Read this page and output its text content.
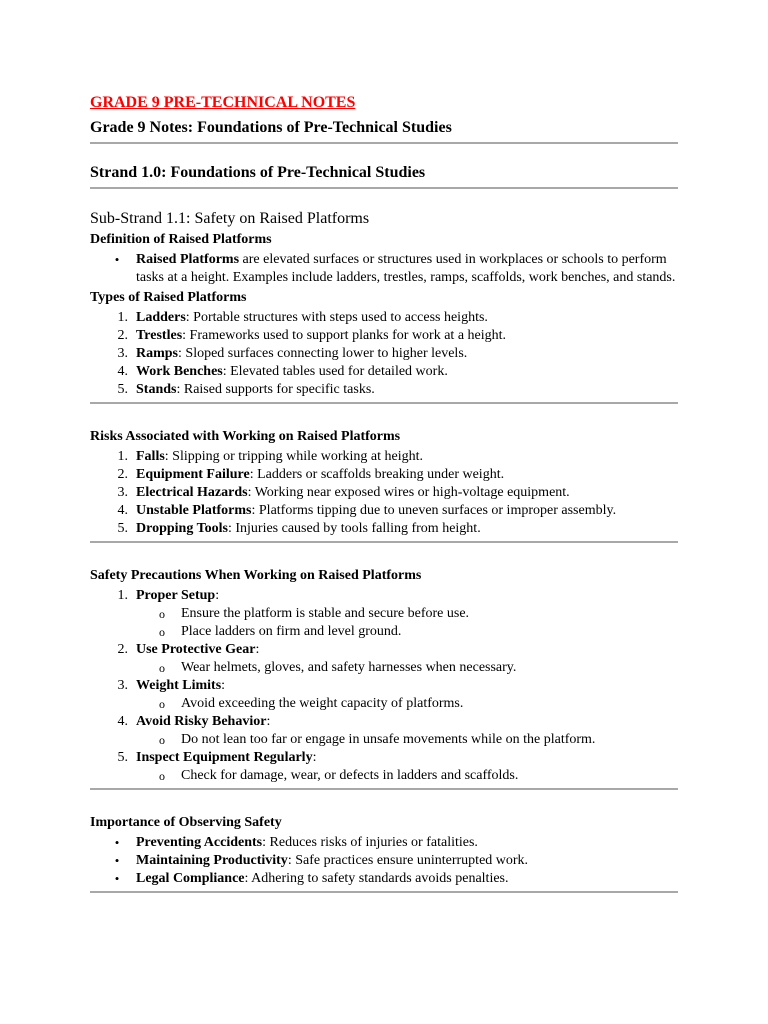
GRADE 9 PRE-TECHNICAL NOTES

Grade 9 Notes: Foundations of Pre-Technical Studies

Strand 1.0: Foundations of Pre-Technical Studies

Sub-Strand 1.1: Safety on Raised Platforms

Definition of Raised Platforms

• Raised Platforms are elevated surfaces or structures used in workplaces or schools to perform tasks at a height. Examples include ladders, trestles, ramps, scaffolds, work benches, and stands.

Types of Raised Platforms

1. Ladders: Portable structures with steps used to access heights.
2. Trestles: Frameworks used to support planks for work at a height.
3. Ramps: Sloped surfaces connecting lower to higher levels.
4. Work Benches: Elevated tables used for detailed work.
5. Stands: Raised supports for specific tasks.

Risks Associated with Working on Raised Platforms

1. Falls: Slipping or tripping while working at height.
2. Equipment Failure: Ladders or scaffolds breaking under weight.
3. Electrical Hazards: Working near exposed wires or high-voltage equipment.
4. Unstable Platforms: Platforms tipping due to uneven surfaces or improper assembly.
5. Dropping Tools: Injuries caused by tools falling from height.

Safety Precautions When Working on Raised Platforms

1. Proper Setup:
o Ensure the platform is stable and secure before use.
o Place ladders on firm and level ground.
2. Use Protective Gear:
o Wear helmets, gloves, and safety harnesses when necessary.
3. Weight Limits:
o Avoid exceeding the weight capacity of platforms.
4. Avoid Risky Behavior:
o Do not lean too far or engage in unsafe movements while on the platform.
5. Inspect Equipment Regularly:
o Check for damage, wear, or defects in ladders and scaffolds.

Importance of Observing Safety

• Preventing Accidents: Reduces risks of injuries or fatalities.
• Maintaining Productivity: Safe practices ensure uninterrupted work.
• Legal Compliance: Adhering to safety standards avoids penalties.
